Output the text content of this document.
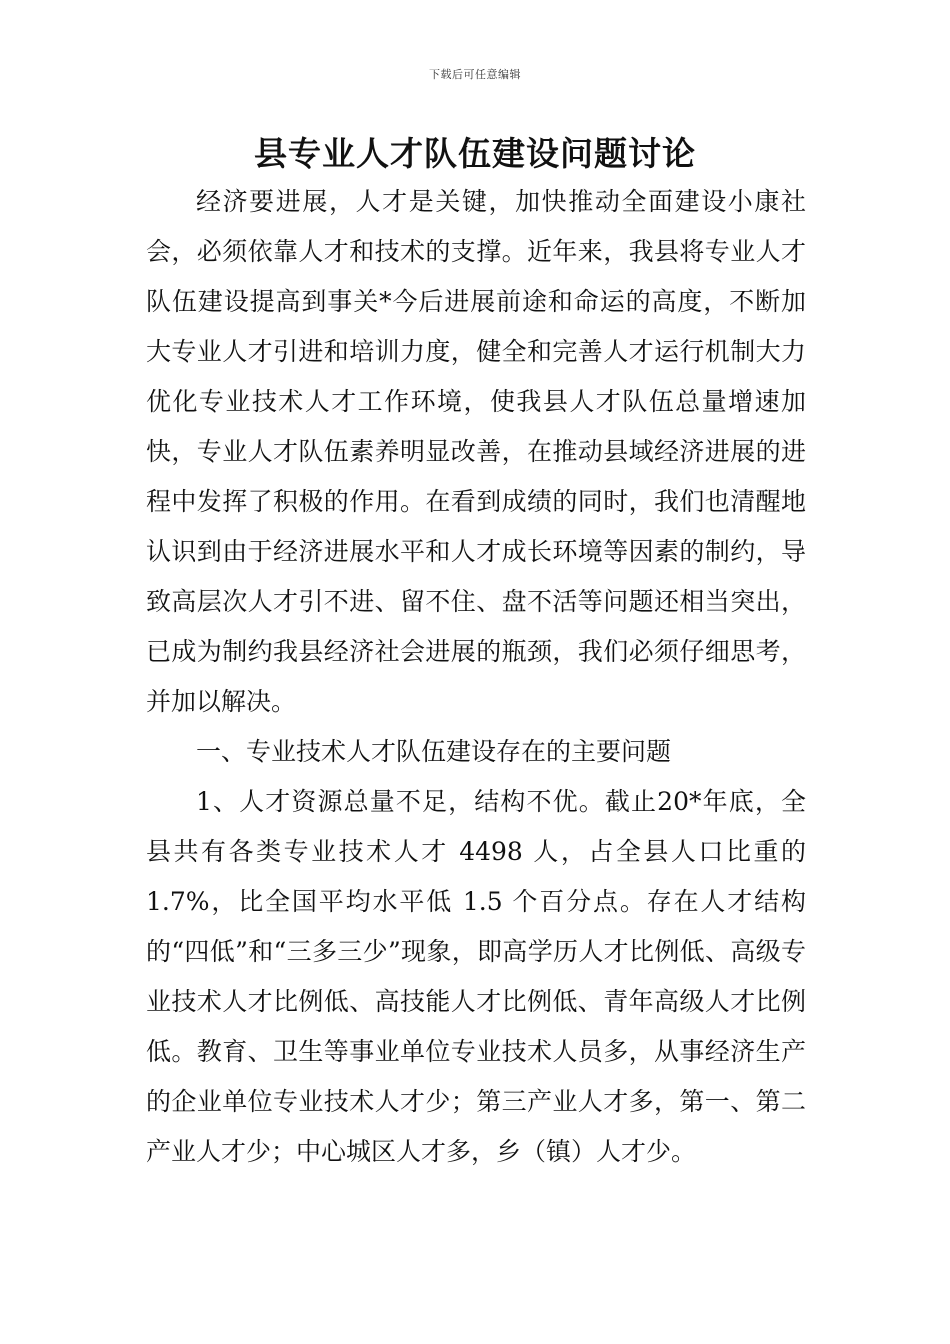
下载后可任意编辑
县专业人才队伍建设问题讨论

经济要进展，人才是关键，加快推动全面建设小康社会，必须依靠人才和技术的支撑。近年来，我县将专业人才队伍建设提高到事关*今后进展前途和命运的高度，不断加大专业人才引进和培训力度，健全和完善人才运行机制大力优化专业技术人才工作环境，使我县人才队伍总量增速加快，专业人才队伍素养明显改善，在推动县域经济进展的进程中发挥了积极的作用。在看到成绩的同时，我们也清醒地认识到由于经济进展水平和人才成长环境等因素的制约，导致高层次人才引不进、留不住、盘不活等问题还相当突出，已成为制约我县经济社会进展的瓶颈，我们必须仔细思考，并加以解决。

一、专业技术人才队伍建设存在的主要问题

1、人才资源总量不足，结构不优。截止20*年底，全县共有各类专业技术人才 4498 人，占全县人口比重的 1.7%，比全国平均水平低 1.5 个百分点。存在人才结构的“四低”和“三多三少”现象，即高学历人才比例低、高级专业技术人才比例低、高技能人才比例低、青年高级人才比例低。教育、卫生等事业单位专业技术人员多，从事经济生产的企业单位专业技术人才少；第三产业人才多，第一、第二产业人才少；中心城区人才多，乡（镇）人才少。
